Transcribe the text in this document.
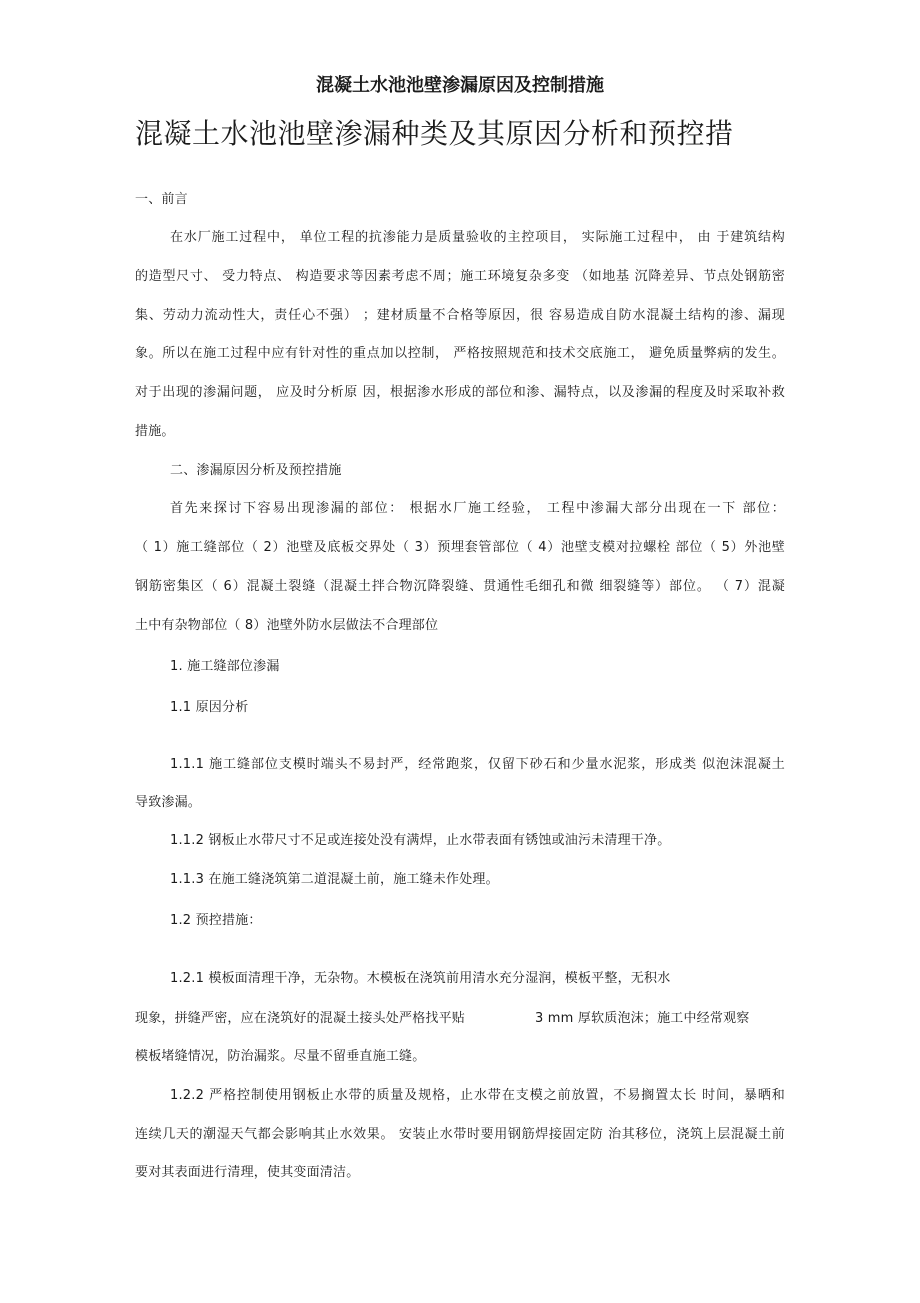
混凝土水池池壁渗漏原因及控制措施
混凝土水池池壁渗漏种类及其原因分析和预控措
一、前言
在水厂施工过程中， 单位工程的抗渗能力是质量验收的主控项目， 实际施工过程中， 由 于建筑结构
的造型尺寸、 受力特点、 构造要求等因素考虑不周；施工环境复杂多变 （如地基 沉降差异、节点处钢筋密
集、劳动力流动性大，责任心不强） ；建材质量不合格等原因，很 容易造成自防水混凝土结构的渗、漏现
象。所以在施工过程中应有针对性的重点加以控制， 严格按照规范和技术交底施工， 避免质量弊病的发生。
对于出现的渗漏问题， 应及时分析原 因，根据渗水形成的部位和渗、漏特点，以及渗漏的程度及时采取补救
措施。
二、渗漏原因分析及预控措施
首先来探讨下容易出现渗漏的部位： 根据水厂施工经验， 工程中渗漏大部分出现在一下 部位：
（ 1）施工缝部位（ 2）池壁及底板交界处（ 3）预埋套管部位（ 4）池壁支模对拉螺栓 部位（ 5）外池壁
钢筋密集区（ 6）混凝土裂缝（混凝土拌合物沉降裂缝、贯通性毛细孔和微 细裂缝等）部位。 （ 7）混凝
土中有杂物部位（ 8）池壁外防水层做法不合理部位
1. 施工缝部位渗漏
1.1 原因分析
1.1.1 施工缝部位支模时端头不易封严，经常跑浆，仅留下砂石和少量水泥浆，形成类 似泡沫混凝土
导致渗漏。
1.1.2 钢板止水带尺寸不足或连接处没有满焊，止水带表面有锈蚀或油污未清理干净。
1.1.3 在施工缝浇筑第二道混凝土前，施工缝未作处理。
1.2 预控措施：
1.2.1 模板面清理干净，无杂物。木模板在浇筑前用清水充分湿润，模板平整，无积水
现象，拼缝严密，应在浇筑好的混凝土接头处严格找平贴	3 mm 厚软质泡沫；施工中经常观察
模板堵缝情况，防治漏浆。尽量不留垂直施工缝。
1.2.2 严格控制使用钢板止水带的质量及规格，止水带在支模之前放置，不易搁置太长 时间，暴晒和
连续几天的潮湿天气都会影响其止水效果。 安装止水带时要用钢筋焊接固定防 治其移位，浇筑上层混凝土前
要对其表面进行清理，使其变面清洁。
